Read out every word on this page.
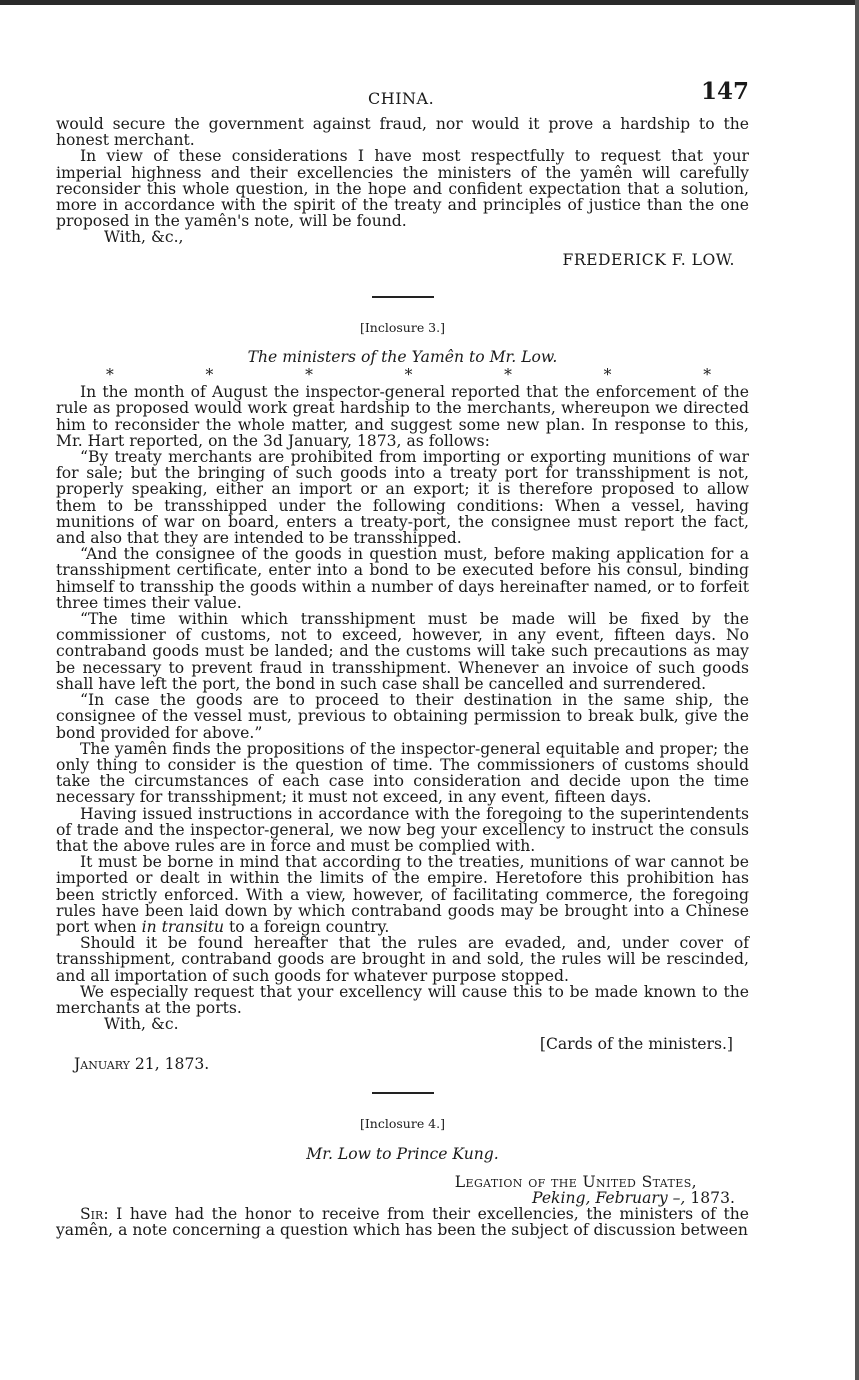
CHINA.	147

would secure the government against fraud, nor would it prove a hardship to the honest merchant.

In view of these considerations I have most respectfully to request that your imperial highness and their excellencies the ministers of the yamên will carefully reconsider this whole question, in the hope and confident expectation that a solution, more in accordance with the spirit of the treaty and principles of justice than the one proposed in the yamên's note, will be found.

With, &c.,

FREDERICK F. LOW.

[Inclosure 3.]

The ministers of the Yamên to Mr. Low.

*	*	*	*	*	*	*

In the month of August the inspector-general reported that the enforcement of the rule as proposed would work great hardship to the merchants, whereupon we directed him to reconsider the whole matter, and suggest some new plan. In response to this, Mr. Hart reported, on the 3d January, 1873, as follows:

“By treaty merchants are prohibited from importing or exporting munitions of war for sale; but the bringing of such goods into a treaty port for transshipment is not, properly speaking, either an import or an export; it is therefore proposed to allow them to be transshipped under the following conditions: When a vessel, having munitions of war on board, enters a treaty-port, the consignee must report the fact, and also that they are intended to be transshipped.

“And the consignee of the goods in question must, before making application for a transshipment certificate, enter into a bond to be executed before his consul, binding himself to transship the goods within a number of days hereinafter named, or to forfeit three times their value.

“The time within which transshipment must be made will be fixed by the commissioner of customs, not to exceed, however, in any event, fifteen days. No contraband goods must be landed; and the customs will take such precautions as may be necessary to prevent fraud in transshipment. Whenever an invoice of such goods shall have left the port, the bond in such case shall be cancelled and surrendered.

“In case the goods are to proceed to their destination in the same ship, the consignee of the vessel must, previous to obtaining permission to break bulk, give the bond provided for above.”

The yamên finds the propositions of the inspector-general equitable and proper; the only thing to consider is the question of time. The commissioners of customs should take the circumstances of each case into consideration and decide upon the time necessary for transshipment; it must not exceed, in any event, fifteen days.

Having issued instructions in accordance with the foregoing to the superintendents of trade and the inspector-general, we now beg your excellency to instruct the consuls that the above rules are in force and must be complied with.

It must be borne in mind that according to the treaties, munitions of war cannot be imported or dealt in within the limits of the empire. Heretofore this prohibition has been strictly enforced. With a view, however, of facilitating commerce, the foregoing rules have been laid down by which contraband goods may be brought into a Chinese port when in transitu to a foreign country.

Should it be found hereafter that the rules are evaded, and, under cover of transshipment, contraband goods are brought in and sold, the rules will be rescinded, and all importation of such goods for whatever purpose stopped.

We especially request that your excellency will cause this to be made known to the merchants at the ports.

With, &c.

[Cards of the ministers.]
January 21, 1873.

[Inclosure 4.]

Mr. Low to Prince Kung.

Legation of the United States,

Peking, February –, 1873.

Sir: I have had the honor to receive from their excellencies, the ministers of the yamên, a note concerning a question which has been the subject of discussion between
